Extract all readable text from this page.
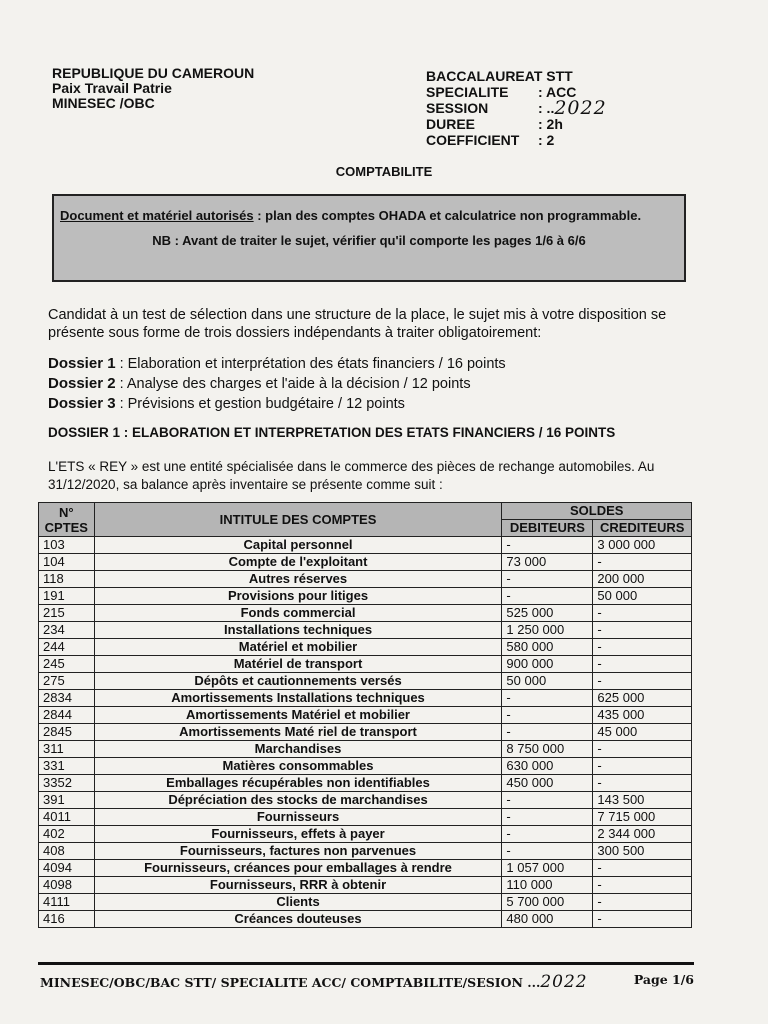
REPUBLIQUE DU CAMEROUN
Paix Travail Patrie
MINESEC /OBC
BACCALAUREAT STT
SPECIALITE	: ACC
SESSION	: .. 2022
DUREE	: 2h
COEFFICIENT	: 2
COMPTABILITE
Document et matériel autorisés : plan des comptes OHADA et calculatrice non programmable.
NB : Avant de traiter le sujet, vérifier qu'il comporte les pages 1/6 à 6/6
Candidat à un test de sélection dans une structure de la place, le sujet mis à votre disposition se présente sous forme de trois dossiers indépendants à traiter obligatoirement:
Dossier 1 : Elaboration et interprétation des états financiers / 16 points
Dossier 2 : Analyse des charges et l'aide à la décision / 12 points
Dossier 3 : Prévisions et gestion budgétaire / 12 points
DOSSIER 1 : ELABORATION ET INTERPRETATION DES ETATS FINANCIERS / 16 POINTS
L'ETS « REY » est une entité spécialisée dans le commerce des pièces de rechange automobiles. Au 31/12/2020, sa balance après inventaire se présente comme suit :
N° CPTES	INTITULE DES COMPTES	SOLDES	
		DEBITEURS	CREDITEURS
103	Capital personnel	-	3 000 000
104	Compte de l'exploitant	73 000	-
118	Autres réserves	-	200 000
191	Provisions pour litiges	-	50 000
215	Fonds commercial	525 000	-
234	Installations techniques	1 250 000	-
244	Matériel et mobilier	580 000	-
245	Matériel de transport	900 000	-
275	Dépôts et cautionnements versés	50 000	-
2834	Amortissements Installations techniques	-	625 000
2844	Amortissements Matériel et mobilier	-	435 000
2845	Amortissements Maté riel de transport	-	45 000
311	Marchandises	8 750 000	-
331	Matières consommables	630 000	-
3352	Emballages récupérables non identifiables	450 000	-
391	Dépréciation des stocks de marchandises	-	143 500
4011	Fournisseurs	-	7 715 000
402	Fournisseurs, effets à payer	-	2 344 000
408	Fournisseurs, factures non parvenues	-	300 500
4094	Fournisseurs, créances pour emballages à rendre	1 057 000	-
4098	Fournisseurs, RRR à obtenir	110 000	-
4111	Clients	5 700 000	-
416	Créances douteuses	480 000	-
MINESEC/OBC/BAC STT/ SPECIALITE ACC/ COMPTABILITE/SESION ...2022	Page 1/6
